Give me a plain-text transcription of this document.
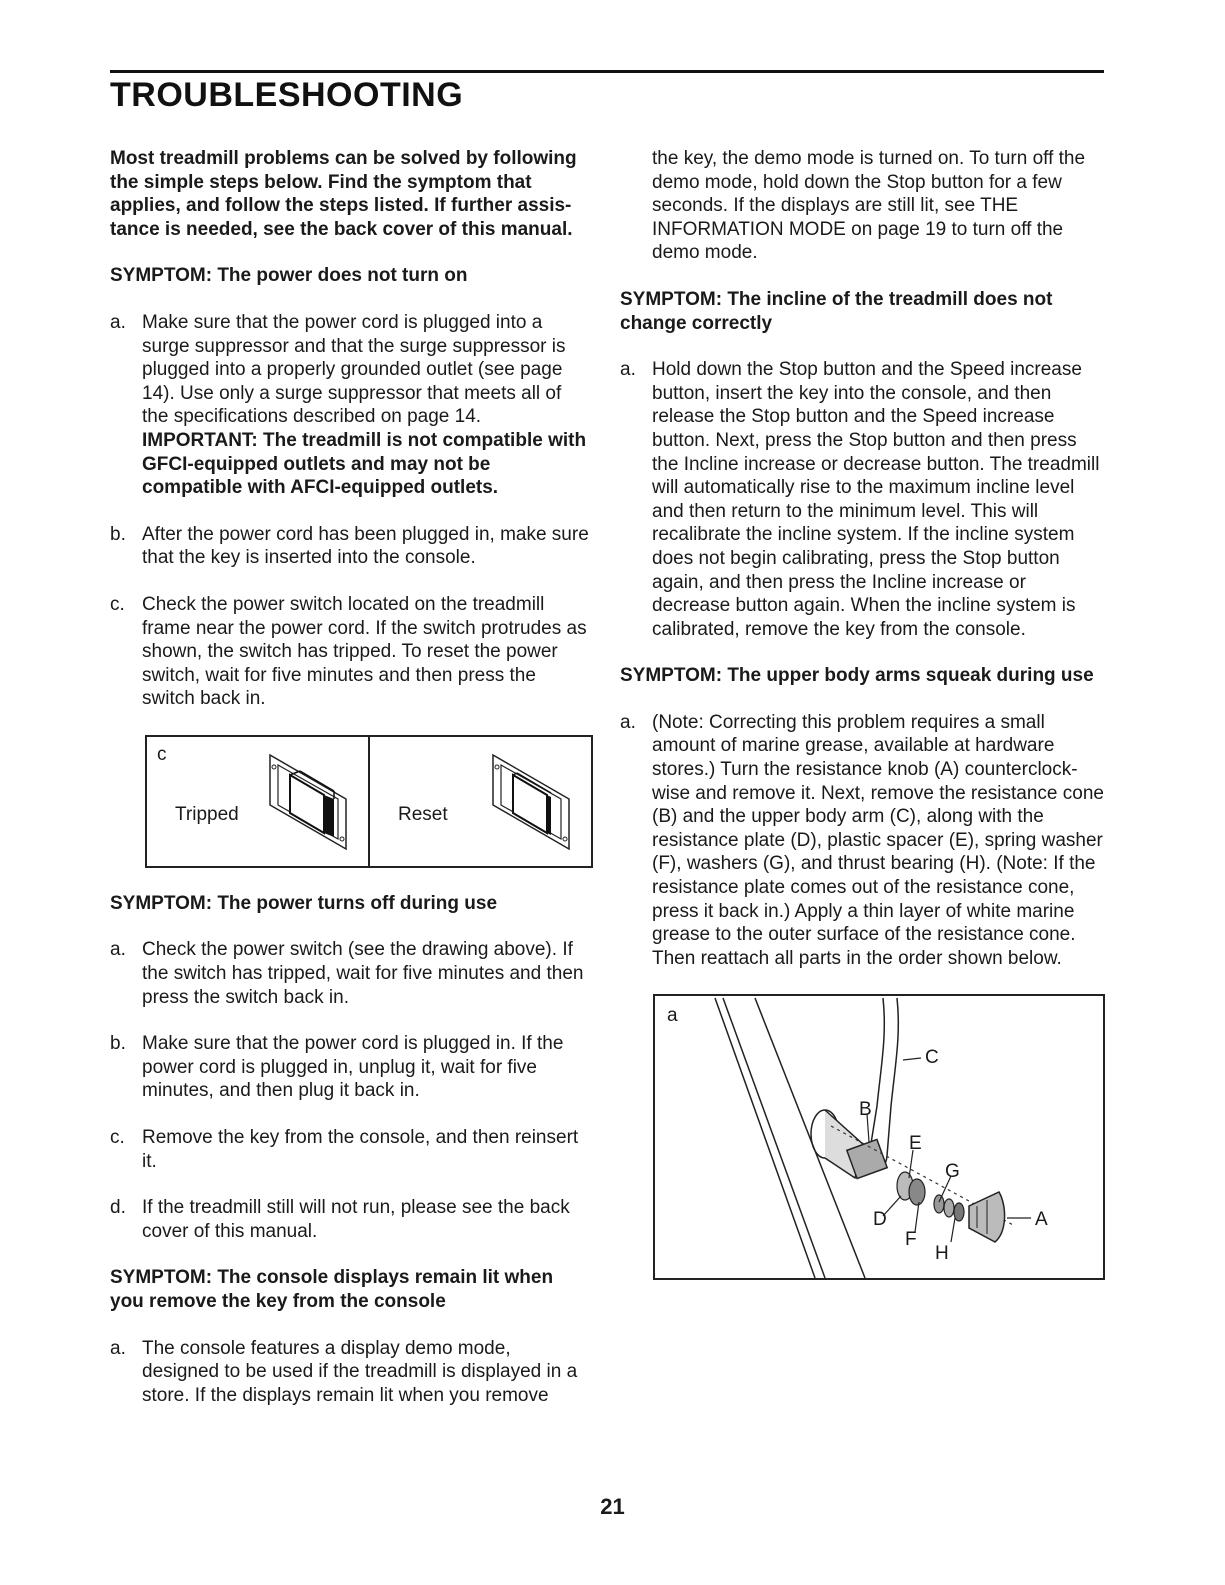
TROUBLESHOOTING

Most treadmill problems can be solved by following the simple steps below. Find the symptom that applies, and follow the steps listed. If further assis-tance is needed, see the back cover of this manual.

SYMPTOM: The power does not turn on

a. Make sure that the power cord is plugged into a surge suppressor and that the surge suppressor is plugged into a properly grounded outlet (see page 14). Use only a surge suppressor that meets all of the specifications described on page 14. IMPORTANT: The treadmill is not compatible with GFCI-equipped outlets and may not be compatible with AFCI-equipped outlets.
b. After the power cord has been plugged in, make sure that the key is inserted into the console.
c. Check the power switch located on the treadmill frame near the power cord. If the switch protrudes as shown, the switch has tripped. To reset the power switch, wait for five minutes and then press the switch back in.
c
Tripped	Reset

SYMPTOM: The power turns off during use

a. Check the power switch (see the drawing above). If the switch has tripped, wait for five minutes and then press the switch back in.
b. Make sure that the power cord is plugged in. If the power cord is plugged in, unplug it, wait for five minutes, and then plug it back in.
c. Remove the key from the console, and then reinsert it.
d. If the treadmill still will not run, please see the back cover of this manual.

SYMPTOM: The console displays remain lit when you remove the key from the console

a. The console features a display demo mode, designed to be used if the treadmill is displayed in a store. If the displays remain lit when you remove

the key, the demo mode is turned on. To turn off the demo mode, hold down the Stop button for a few seconds. If the displays are still lit, see THE INFORMATION MODE on page 19 to turn off the demo mode.

SYMPTOM: The incline of the treadmill does not change correctly

a. Hold down the Stop button and the Speed increase button, insert the key into the console, and then release the Stop button and the Speed increase button. Next, press the Stop button and then press the Incline increase or decrease button. The treadmill will automatically rise to the maximum incline level and then return to the minimum level. This will recalibrate the incline system. If the incline system does not begin calibrating, press the Stop button again, and then press the Incline increase or decrease button again. When the incline system is calibrated, remove the key from the console.

SYMPTOM: The upper body arms squeak during use

a. (Note: Correcting this problem requires a small amount of marine grease, available at hardware stores.) Turn the resistance knob (A) counterclock-wise and remove it. Next, remove the resistance cone (B) and the upper body arm (C), along with the resistance plate (D), plastic spacer (E), spring washer (F), washers (G), and thrust bearing (H). (Note: If the resistance plate comes out of the resistance cone, press it back in.) Apply a thin layer of white marine grease to the outer surface of the resistance cone. Then reattach all parts in the order shown below.
a
C
B
E
G
D
F
H
A
21
